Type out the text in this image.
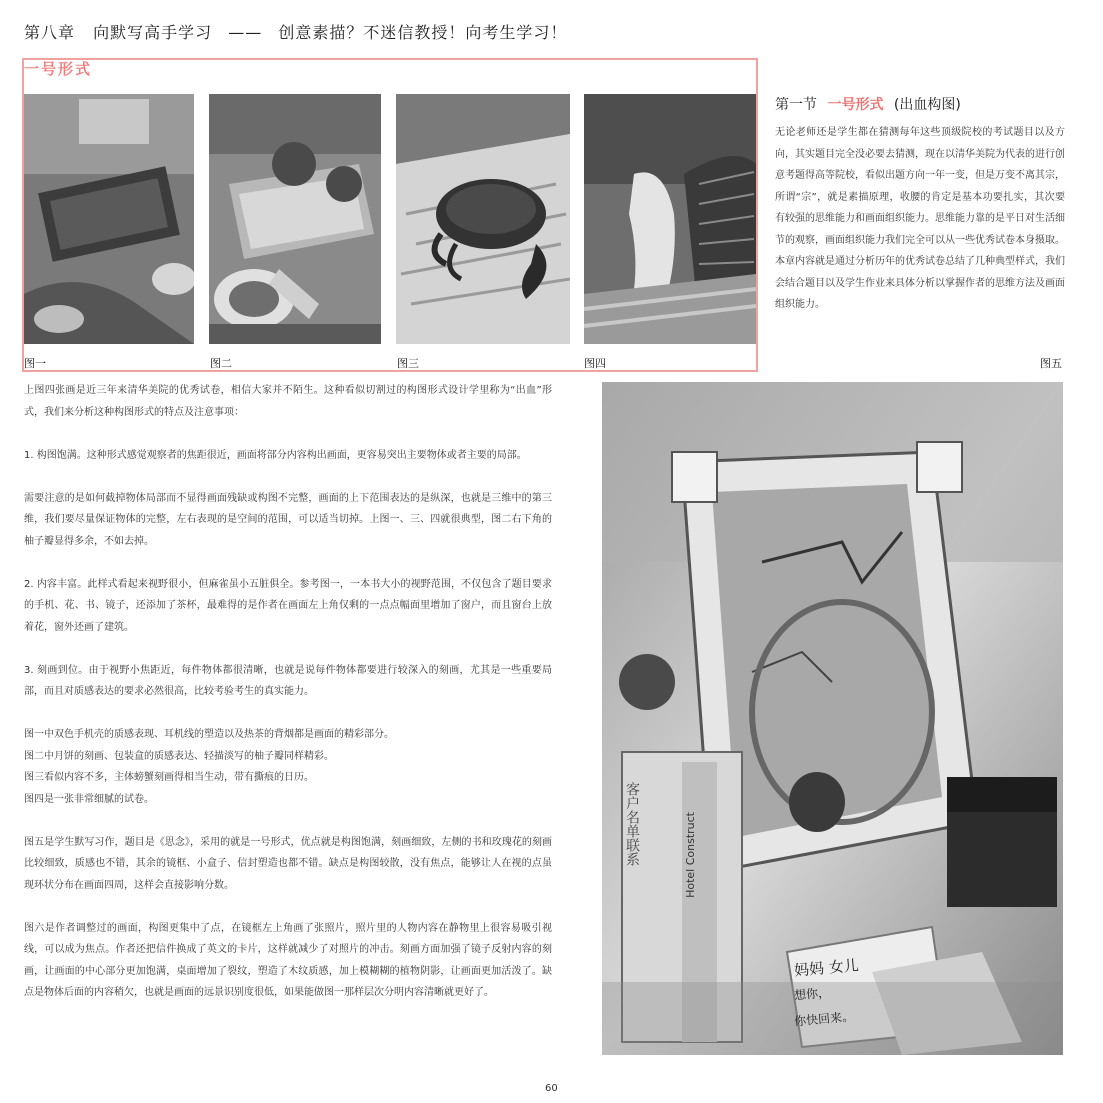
第八章 向默写高手学习 —— 创意素描？不迷信教授！向考生学习！
一号形式
图一	图二	图三	图四
第一节 一号形式 (出血构图)
无论老师还是学生都在猜测每年这些顶级院校的考试题目以及方向，其实题目完全没必要去猜测，现在以清华美院为代表的进行创意考题得高等院校，看似出题方向一年一变，但是万变不离其宗，所谓“宗”，就是素描原理，收腰的肯定是基本功要扎实，其次要有较强的思维能力和画面组织能力。思维能力靠的是平日对生活细节的观察，画面组织能力我们完全可以从一些优秀试卷本身摄取。本章内容就是通过分析历年的优秀试卷总结了几种典型样式，我们会结合题目以及学生作业来具体分析以掌握作者的思维方法及画面组织能力。
图五

上图四张画是近三年来清华美院的优秀试卷，相信大家并不陌生。这种看似切割过的构图形式设计学里称为“出血”形式，我们来分析这种构图形式的特点及注意事项：

1. 构图饱满。这种形式感觉观察者的焦距很近，画面将部分内容构出画面，更容易突出主要物体或者主要的局部。

需要注意的是如何截掉物体局部而不显得画面残缺或构图不完整，画面的上下范围表达的是纵深，也就是三维中的第三维，我们要尽量保证物体的完整，左右表现的是空间的范围，可以适当切掉。上图一、三、四就很典型，图二右下角的柚子瓣显得多余，不如去掉。

2. 内容丰富。此样式看起来视野很小，但麻雀虽小五脏俱全。参考图一，一本书大小的视野范围，不仅包含了题目要求的手机、花、书、镜子，还添加了茶杯，最难得的是作者在画面左上角仅剩的一点点幅面里增加了窗户，而且窗台上放着花，窗外还画了建筑。

3. 刻画到位。由于视野小焦距近，每件物体都很清晰，也就是说每件物体都要进行较深入的刻画，尤其是一些重要局部，而且对质感表达的要求必然很高，比较考验考生的真实能力。

图一中双色手机壳的质感表现、耳机线的塑造以及热茶的背烟都是画面的精彩部分。

图二中月饼的刻画、包装盒的质感表达、轻描淡写的柚子瓣同样精彩。

图三看似内容不多，主体螃蟹刻画得相当生动，带有撕痕的日历。

图四是一张非常细腻的试卷。

图五是学生默写习作，题目是《思念》，采用的就是一号形式，优点就是构图饱满，刻画细致，左侧的书和玫瑰花的刻画比较细致，质感也不错，其余的镜框、小盒子、信封塑造也都不错。缺点是构图较散，没有焦点，能够让人在视的点虽现环状分布在画面四周，这样会直接影响分数。

图六是作者调整过的画面，构图更集中了点，在镜框左上角画了张照片，照片里的人物内容在静物里上很容易吸引视线，可以成为焦点。作者还把信件换成了英文的卡片，这样就减少了对照片的冲击。刻画方面加强了镜子反射内容的刻画，让画面的中心部分更加饱满，桌面增加了裂纹，塑造了木纹质感，加上模糊糊的植物阴影，让画面更加活泼了。缺点是物体后面的内容稍欠，也就是画面的远景识别度很低，如果能做图一那样层次分明内容清晰就更好了。

Hotel Construct
客户名单联系
妈妈 女儿
想你，
你快回来。
60
